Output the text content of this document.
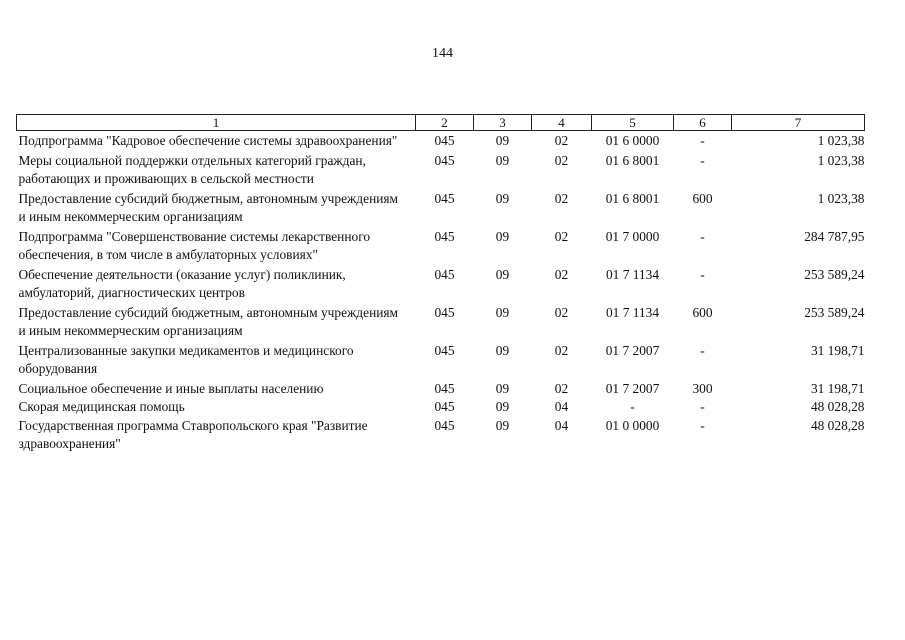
144
1	2	3	4	5	6	7
Подпрограмма "Кадровое обеспечение системы здравоохранения"	045	09	02	01 6 0000	-	1 023,38
Меры социальной поддержки отдельных категорий граждан, работающих и проживающих в сельской местности	045	09	02	01 6 8001	-	1 023,38
Предоставление субсидий бюджетным, автономным учреждениям и иным некоммерческим организациям	045	09	02	01 6 8001	600	1 023,38
Подпрограмма "Совершенствование системы лекарственного обеспечения, в том числе в амбулаторных условиях"	045	09	02	01 7 0000	-	284 787,95
Обеспечение деятельности (оказание услуг) поликлиник, амбулаторий, диагностических центров	045	09	02	01 7 1134	-	253 589,24
Предоставление субсидий бюджетным, автономным учреждениям и иным некоммерческим организациям	045	09	02	01 7 1134	600	253 589,24
Централизованные закупки медикаментов и медицинского оборудования	045	09	02	01 7 2007	-	31 198,71
Социальное обеспечение и иные выплаты населению	045	09	02	01 7 2007	300	31 198,71
Скорая медицинская помощь	045	09	04	-	-	48 028,28
Государственная программа Ставропольского края "Развитие здравоохранения"	045	09	04	01 0 0000	-	48 028,28
